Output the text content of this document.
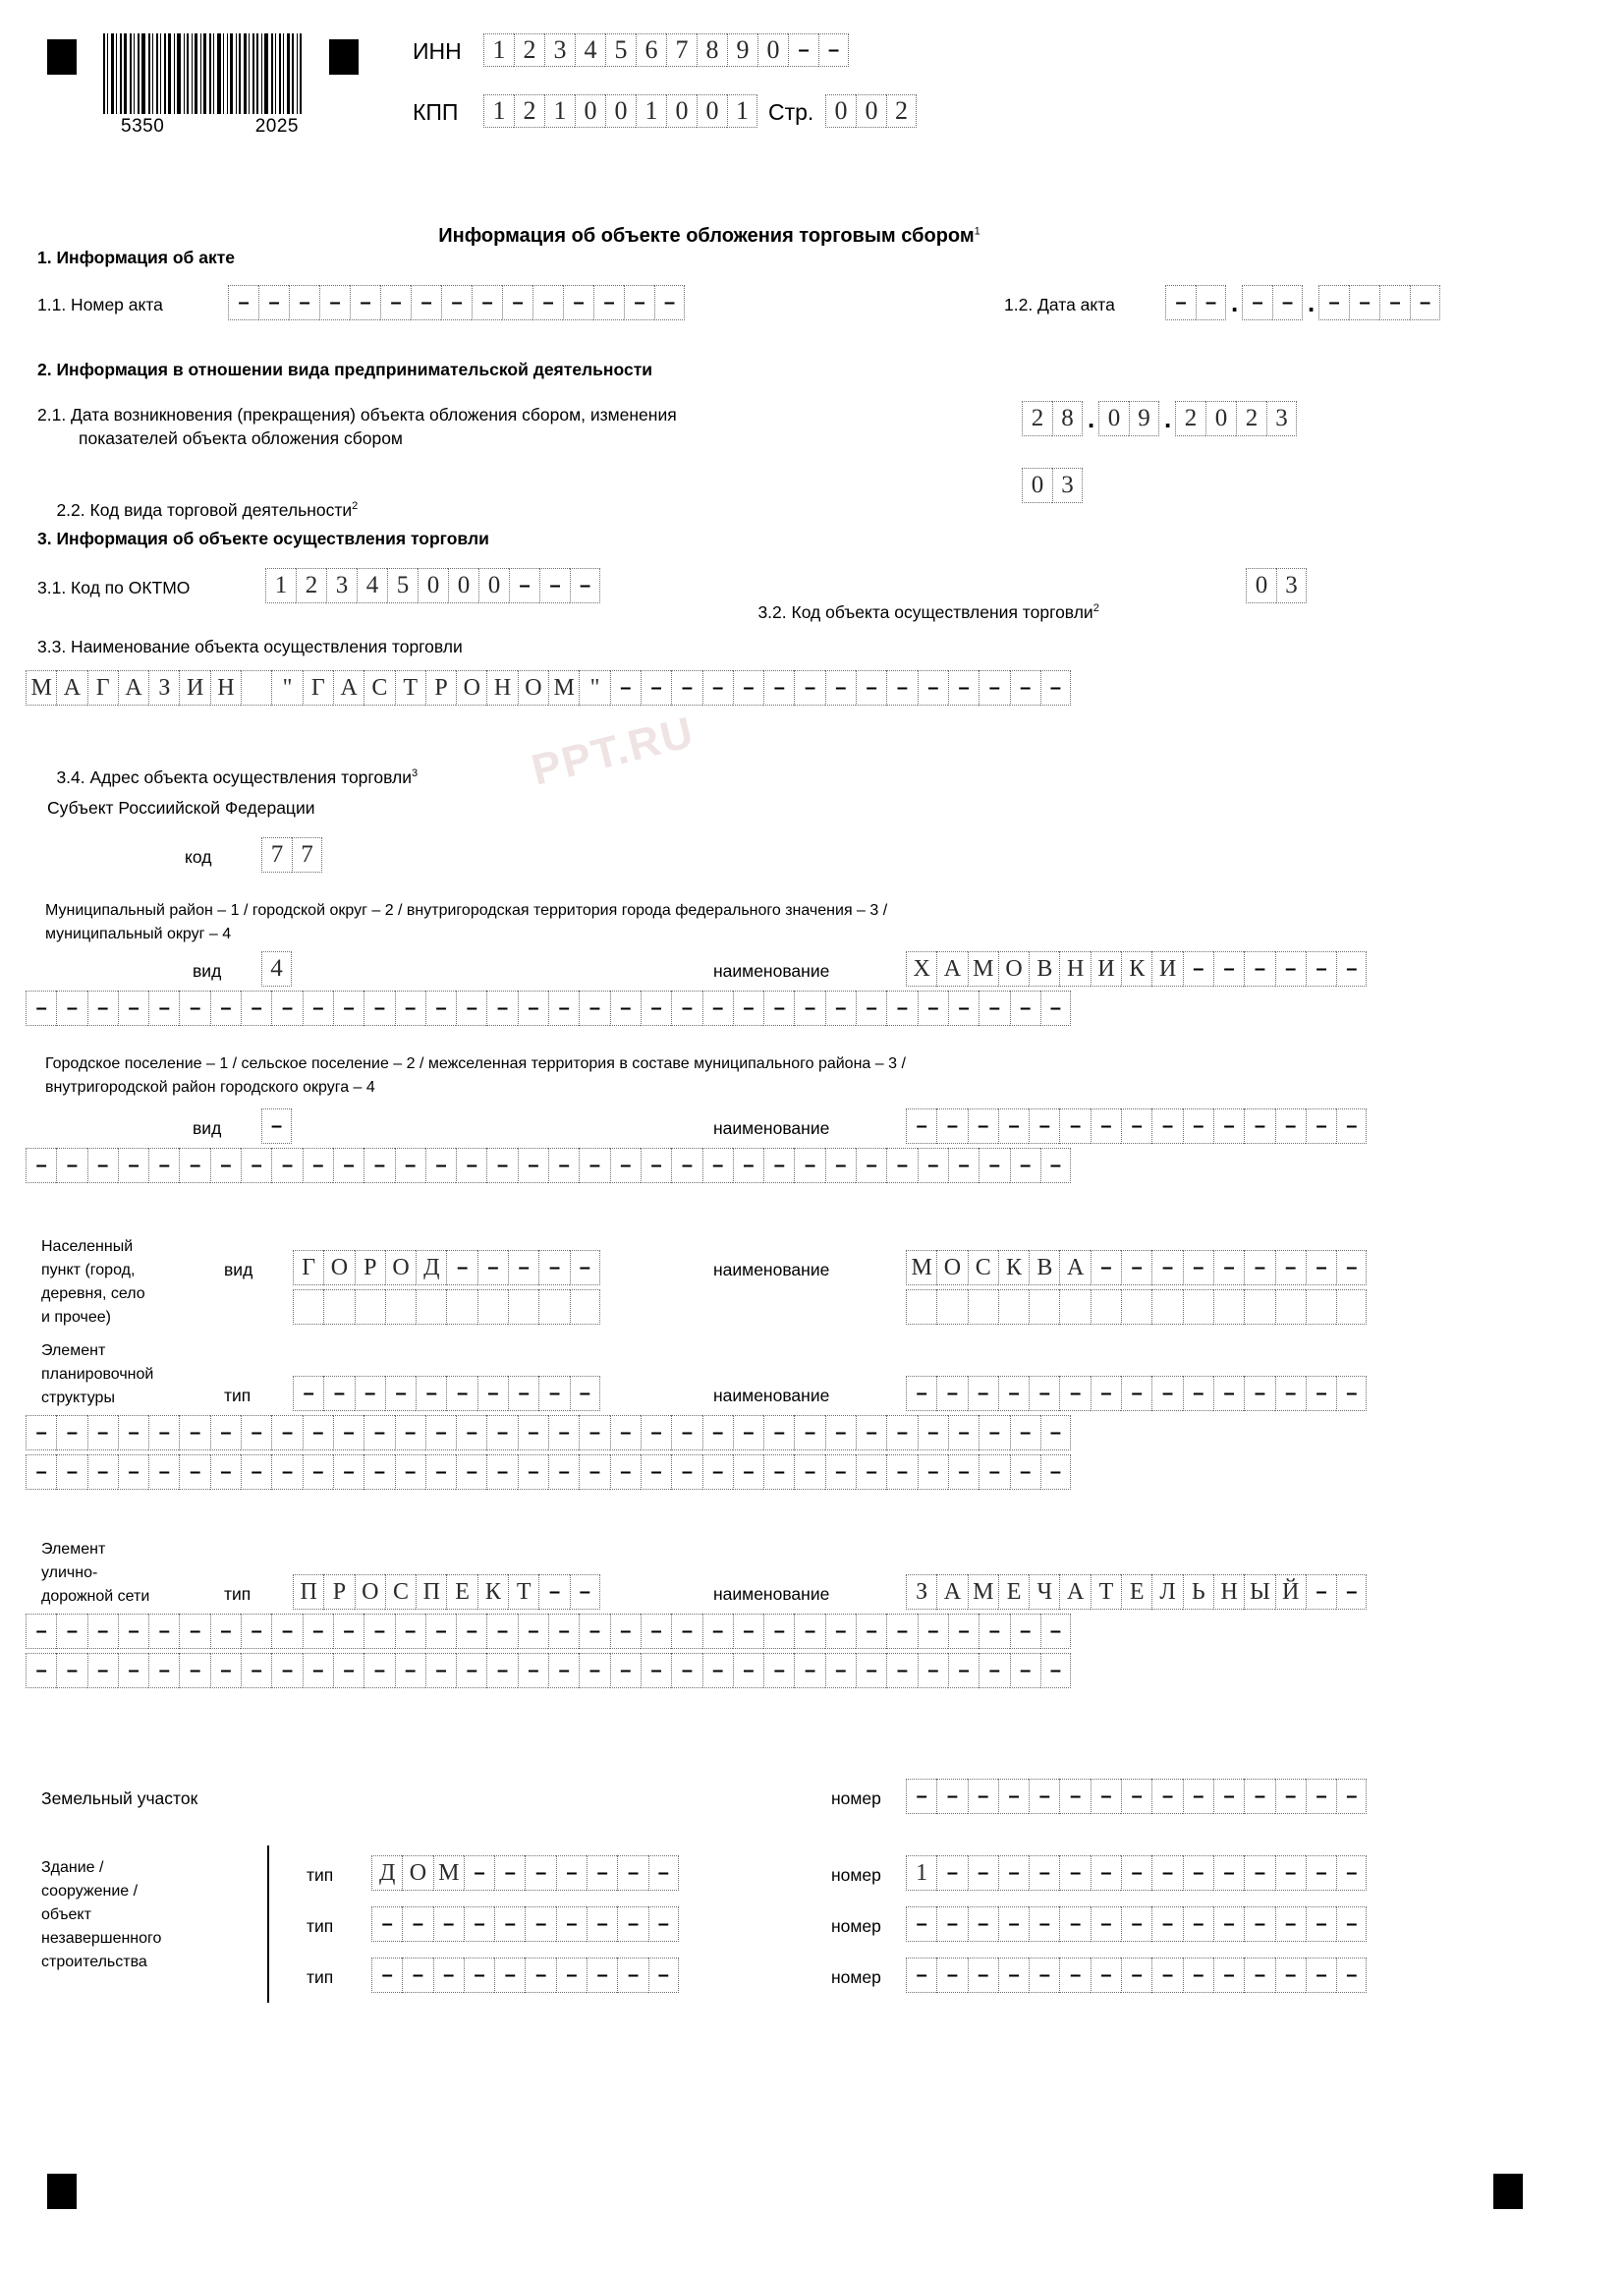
5350	2025
PPT.RU
ИНН	1 2 3 4 5 6 7 8 9 0 – –
КПП	1 2 1 0 0 1 0 0 1 Стр. 0 0 2

Информация об объекте обложения торговым сбором$^1$

1. Информация об акте
1.1. Номер акта	– – – – – – – – – – – – – – –	1.2. Дата акта	– – . – – . – – – –
2. Информация в отношении вида предпринимательской деятельности
2.1. Дата возникновения (прекращения) объекта обложения сбором, изменения
показателей объекта обложения сбором
2 8 . 0 9 . 2 0 2 3

2.2. Код вида торговой деятельности$^2$

0 3
3. Информация об объекте осуществления торговли
3.1. Код по ОКТМО	1 2 3 4 5 0 0 0 – – –

3.2. Код объекта осуществления торговли$^2$

0 3
3.3. Наименование объекта осуществления торговли
М А Г А З И Н	" Г А С Т Р О Н О М "	– – – – – – – – – – – – – – –

3.4. Адрес объекта осуществления торговли$^3$

Субъект Россиийской Федерации
код	7 7
Муниципальный район – 1 / городской округ – 2 / внутригородская территория города федерального значения – 3 /
муниципальный округ – 4
вид	4	наименование	Х А М О В Н И К И – – – – – –
– – – – – – – – – – – – – – – – – – – – – – – – – – – – – – – – – –
Городское поселение – 1 / сельское поселение – 2 / межселенная территория в составе муниципального района – 3 /
внутригородской район городского округа – 4
вид	–	наименование	– – – – – – – – – – – – – – –
– – – – – – – – – – – – – – – – – – – – – – – – – – – – – – – – – –
Населенный
пункт (город,
деревня, село
и прочее)
вид	Г О Р О Д – – – – –	наименование	М О С К В А – – – – – – – – –
Элемент
планировочной
структуры	тип	– – – – – – – – – –	наименование	– – – – – – – – – – – – – – –
– – – – – – – – – – – – – – – – – – – – – – – – – – – – – – – – – –
– – – – – – – – – – – – – – – – – – – – – – – – – – – – – – – – – –
Элемент
улично-
дорожной сети	тип	П Р О С П Е К Т – –	наименование	З А М Е Ч А Т Е Л Ь Н Ы Й – –
– – – – – – – – – – – – – – – – – – – – – – – – – – – – – – – – – –
– – – – – – – – – – – – – – – – – – – – – – – – – – – – – – – – – –
Земельный участок	номер – – – – – – – – – – – – – – –
Здание /
сооружение /
объект
незавершенного
строительства
тип	Д О М – – – – – – –	номер	1 – – – – – – – – – – – – – –
тип – – – – – – – – – –	номер – – – – – – – – – – – – – – –
тип – – – – – – – – – –	номер – – – – – – – – – – – – – – –
